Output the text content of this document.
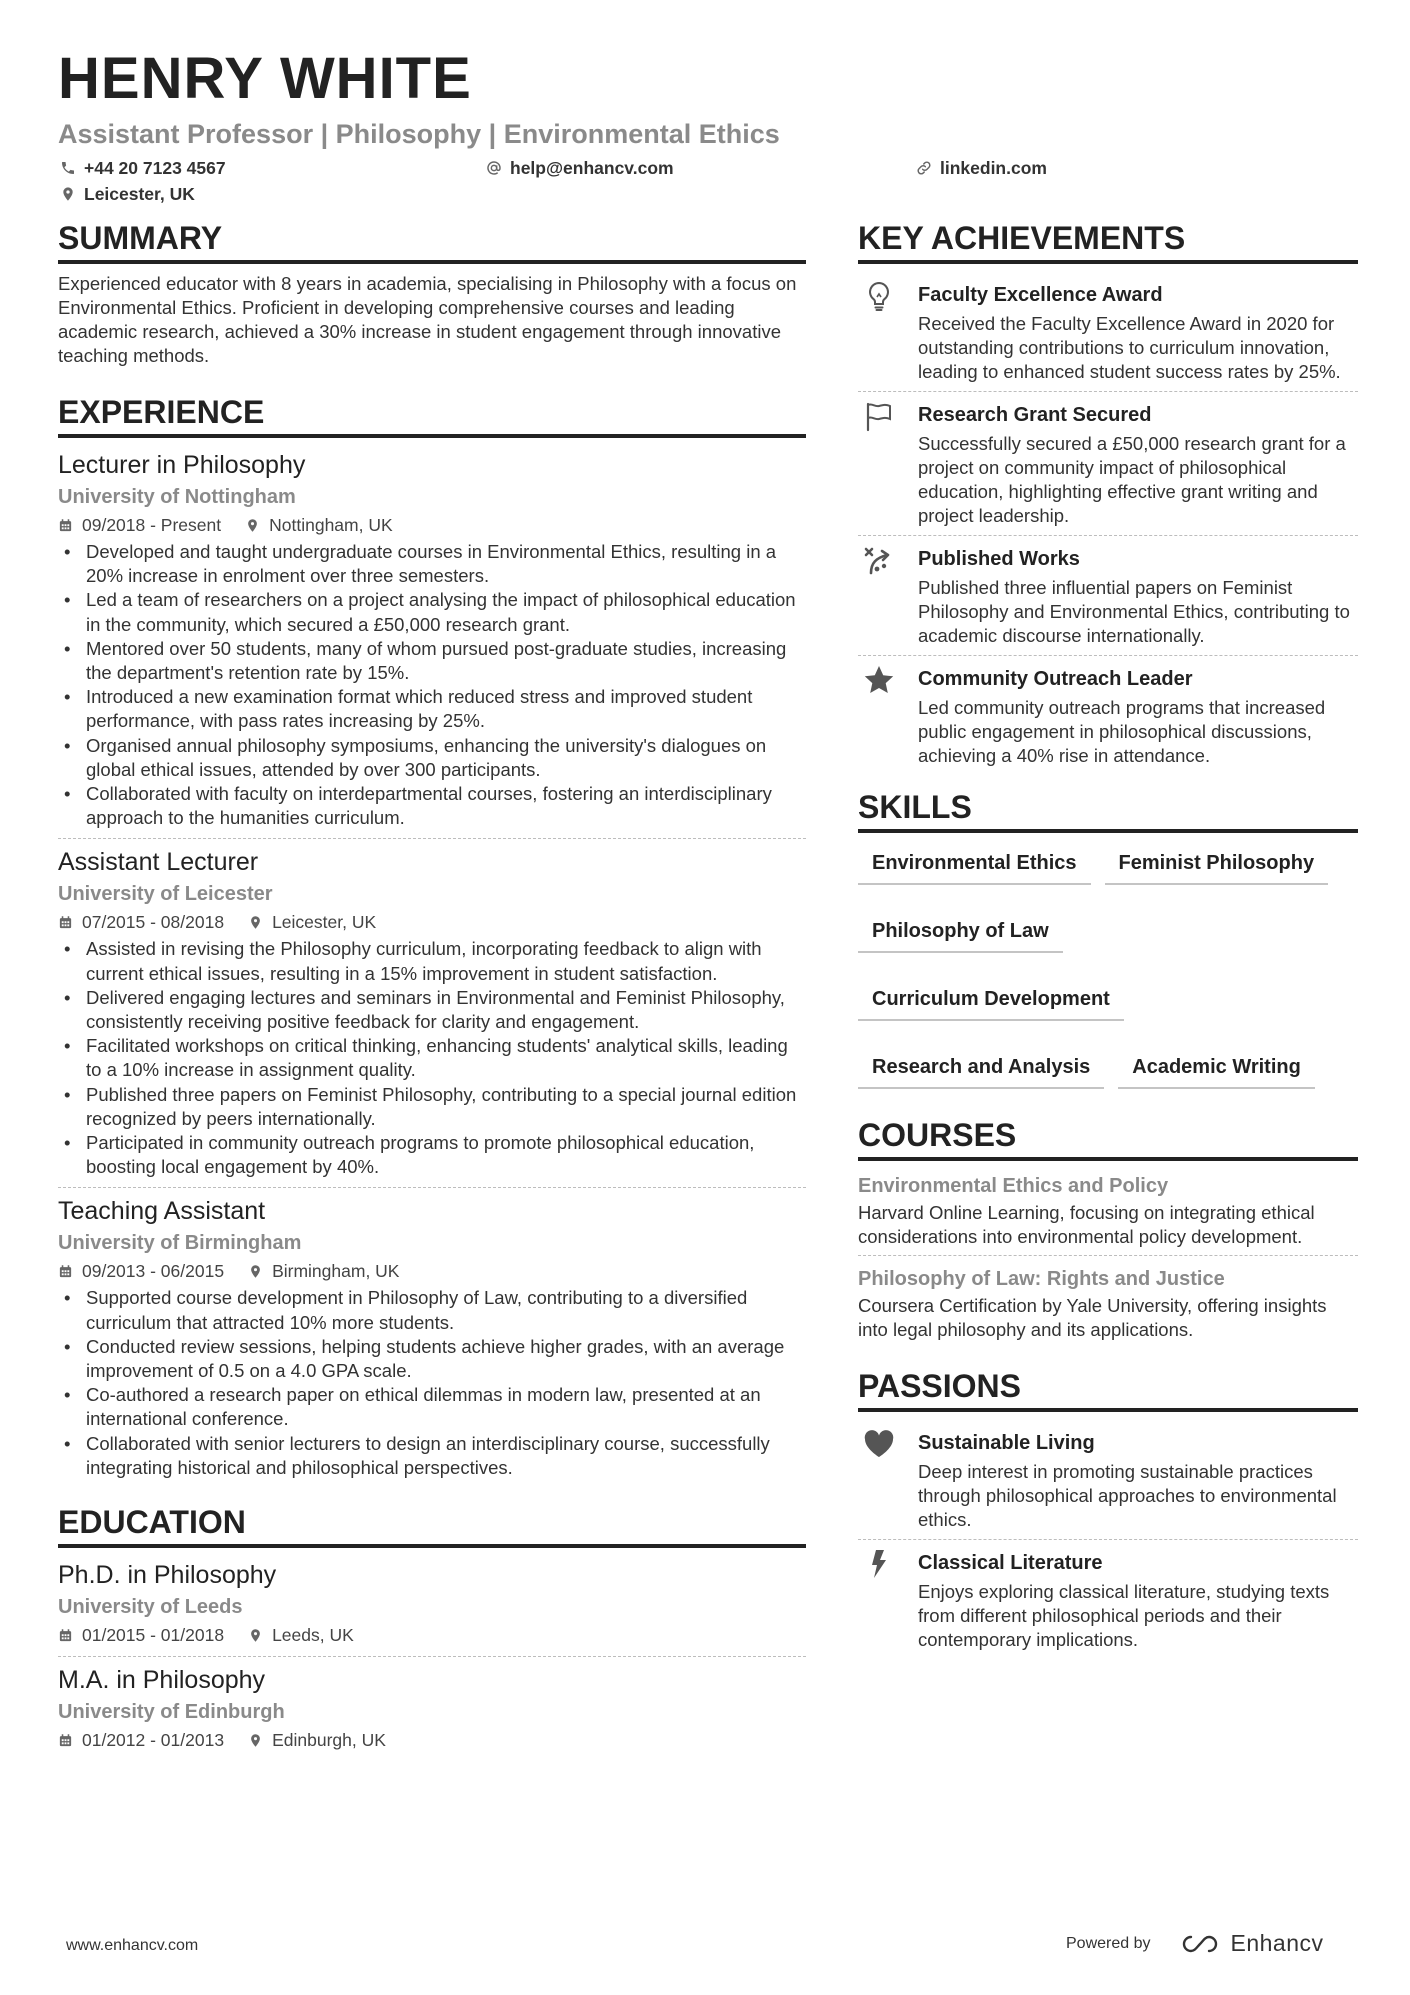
HENRY WHITE
Assistant Professor | Philosophy | Environmental Ethics
+44 20 7123 4567	help@enhancv.com	linkedin.com
Leicester, UK
SUMMARY

Experienced educator with 8 years in academia, specialising in Philosophy with a focus on Environmental Ethics. Proficient in developing comprehensive courses and leading academic research, achieved a 30% increase in student engagement through innovative teaching methods.

EXPERIENCE
Lecturer in Philosophy
University of Nottingham
09/2018 - Present	Nottingham, UK
• Developed and taught undergraduate courses in Environmental Ethics, resulting in a 20% increase in enrolment over three semesters.
• Led a team of researchers on a project analysing the impact of philosophical education in the community, which secured a £50,000 research grant.
• Mentored over 50 students, many of whom pursued post-graduate studies, increasing the department's retention rate by 15%.
• Introduced a new examination format which reduced stress and improved student performance, with pass rates increasing by 25%.
• Organised annual philosophy symposiums, enhancing the university's dialogues on global ethical issues, attended by over 300 participants.
• Collaborated with faculty on interdepartmental courses, fostering an interdisciplinary approach to the humanities curriculum.
Assistant Lecturer
University of Leicester
07/2015 - 08/2018	Leicester, UK
• Assisted in revising the Philosophy curriculum, incorporating feedback to align with current ethical issues, resulting in a 15% improvement in student satisfaction.
• Delivered engaging lectures and seminars in Environmental and Feminist Philosophy, consistently receiving positive feedback for clarity and engagement.
• Facilitated workshops on critical thinking, enhancing students' analytical skills, leading to a 10% increase in assignment quality.
• Published three papers on Feminist Philosophy, contributing to a special journal edition recognized by peers internationally.
• Participated in community outreach programs to promote philosophical education, boosting local engagement by 40%.
Teaching Assistant
University of Birmingham
09/2013 - 06/2015	Birmingham, UK
• Supported course development in Philosophy of Law, contributing to a diversified curriculum that attracted 10% more students.
• Conducted review sessions, helping students achieve higher grades, with an average improvement of 0.5 on a 4.0 GPA scale.
• Co-authored a research paper on ethical dilemmas in modern law, presented at an international conference.
• Collaborated with senior lecturers to design an interdisciplinary course, successfully integrating historical and philosophical perspectives.
EDUCATION
Ph.D. in Philosophy
University of Leeds
01/2015 - 01/2018	Leeds, UK
M.A. in Philosophy
University of Edinburgh
01/2012 - 01/2013	Edinburgh, UK
KEY ACHIEVEMENTS
Faculty Excellence Award
Received the Faculty Excellence Award in 2020 for outstanding contributions to curriculum innovation, leading to enhanced student success rates by 25%.
Research Grant Secured
Successfully secured a £50,000 research grant for a project on community impact of philosophical education, highlighting effective grant writing and project leadership.
Published Works
Published three influential papers on Feminist Philosophy and Environmental Ethics, contributing to academic discourse internationally.
Community Outreach Leader
Led community outreach programs that increased public engagement in philosophical discussions, achieving a 40% rise in attendance.
SKILLS
Environmental Ethics	Feminist Philosophy
Philosophy of Law
Curriculum Development
Research and Analysis	Academic Writing
COURSES
Environmental Ethics and Policy
Harvard Online Learning, focusing on integrating ethical considerations into environmental policy development.
Philosophy of Law: Rights and Justice
Coursera Certification by Yale University, offering insights into legal philosophy and its applications.
PASSIONS
Sustainable Living
Deep interest in promoting sustainable practices through philosophical approaches to environmental ethics.
Classical Literature
Enjoys exploring classical literature, studying texts from different philosophical periods and their contemporary implications.
www.enhancv.com	Powered by	Enhancv
